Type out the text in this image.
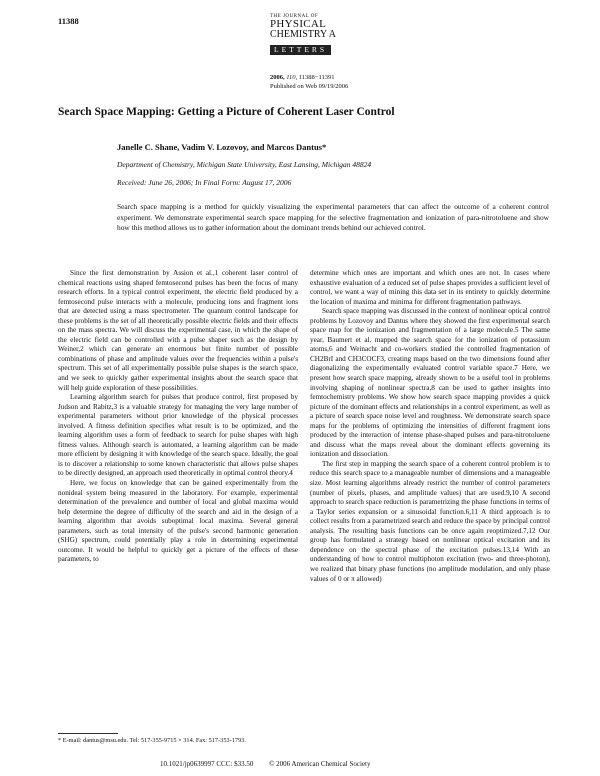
11388	THE JOURNAL OF
PHYSICAL
CHEMISTRY A
LETTERS
2006, 110, 11388−11391
Published on Web 09/19/2006
Search Space Mapping: Getting a Picture of Coherent Laser Control
Janelle C. Shane, Vadim V. Lozovoy, and Marcos Dantus*
Department of Chemistry, Michigan State University, East Lansing, Michigan 48824
Received: June 26, 2006; In Final Form: August 17, 2006
Search space mapping is a method for quickly visualizing the experimental parameters that can affect the outcome of a coherent control experiment. We demonstrate experimental search space mapping for the selective fragmentation and ionization of para-nitrotoluene and show how this method allows us to gather information about the dominant trends behind our achieved control.

Since the first demonstration by Assion et al.,1 coherent laser control of chemical reactions using shaped femtosecond pulses has been the focus of many research efforts. In a typical control experiment, the electric field produced by a femtosecond pulse interacts with a molecule, producing ions and fragment ions that are detected using a mass spectrometer. The quantum control landscape for these problems is the set of all theoretically possible electric fields and their effects on the mass spectra. We will discuss the experimental case, in which the shape of the electric field can be controlled with a pulse shaper such as the design by Weiner,2 which can generate an enormous but finite number of possible combinations of phase and amplitude values over the frequencies within a pulse's spectrum. This set of all experimentally possible pulse shapes is the search space, and we seek to quickly gather experimental insights about the search space that will help guide exploration of these possibilities.

Learning algorithm search for pulses that produce control, first proposed by Judson and Rabitz,3 is a valuable strategy for managing the very large number of experimental parameters without prior knowledge of the physical processes involved. A fitness definition specifies what result is to be optimized, and the learning algorithm uses a form of feedback to search for pulse shapes with high fitness values. Although search is automated, a learning algorithm can be made more efficient by designing it with knowledge of the search space. Ideally, the goal is to discover a relationship to some known characteristic that allows pulse shapes to be directly designed, an approach used theoretically in optimal control theory.4

Here, we focus on knowledge that can be gained experimentally from the nonideal system being measured in the laboratory. For example, experimental determination of the prevalence and number of local and global maxima would help determine the degree of difficulty of the search and aid in the design of a learning algorithm that avoids suboptimal local maxima. Several general parameters, such as total intensity of the pulse's second harmonic generation (SHG) spectrum, could potentially play a role in determining experimental outcome. It would be helpful to quickly get a picture of the effects of these parameters, to

determine which ones are important and which ones are not. In cases where exhaustive evaluation of a reduced set of pulse shapes provides a sufficient level of control, we want a way of mining this data set in its entirety to quickly determine the location of maxima and minima for different fragmentation pathways.

Search space mapping was discussed in the context of nonlinear optical control problems by Lozovoy and Dantus where they showed the first experimental search space map for the ionization and fragmentation of a large molecule.5 The same year, Baumert et al. mapped the search space for the ionization of potassium atoms,6 and Weinacht and co-workers studied the controlled fragmentation of CH2BrI and CH3COCF3, creating maps based on the two dimensions found after diagonalizing the experimentally evaluated control variable space.7 Here, we present how search space mapping, already shown to be a useful tool in problems involving shaping of nonlinear spectra,8 can be used to gather insights into femtochemistry problems. We show how search space mapping provides a quick picture of the dominant effects and relationships in a control experiment, as well as a picture of search space noise level and roughness. We demonstrate search space maps for the problems of optimizing the intensities of different fragment ions produced by the interaction of intense phase-shaped pulses and para-nitrotoluene and discuss what the maps reveal about the dominant effects governing its ionization and dissociation.

The first step in mapping the search space of a coherent control problem is to reduce this search space to a manageable number of dimensions and a manageable size. Most learning algorithms already restrict the number of control parameters (number of pixels, phases, and amplitude values) that are used.9,10 A second approach to search space reduction is parametrizing the phase functions in terms of a Taylor series expansion or a sinusoidal function.6,11 A third approach is to collect results from a parametrized search and reduce the space by principal control analysis. The resulting basis functions can be once again reoptimized.7,12 Our group has formulated a strategy based on nonlinear optical excitation and its dependence on the spectral phase of the excitation pulses.13,14 With an understanding of how to control multiphoton excitation (two- and three-photon), we realized that binary phase functions (no amplitude modulation, and only phase values of 0 or π allowed)

* E-mail: dantus@msu.edu. Tel: 517-355-9715 × 314. Fax: 517-353-1793.
10.1021/jp0639997 CCC: $33.50 © 2006 American Chemical Society
